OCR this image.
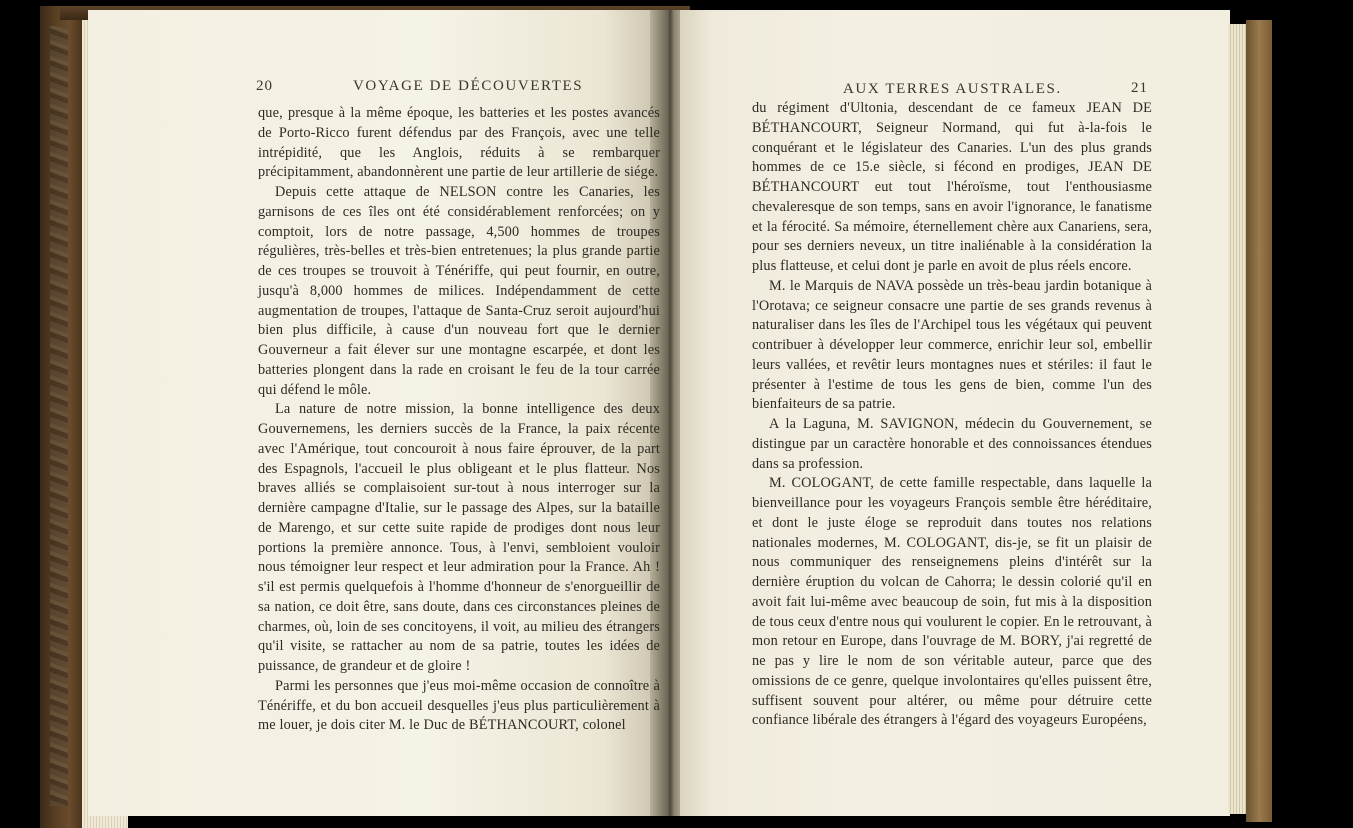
20	VOYAGE DE DÉCOUVERTES

que, presque à la même époque, les batteries et les postes avancés de Porto-Ricco furent défendus par des François, avec une telle intrépidité, que les Anglois, réduits à se rembarquer précipitamment, abandonnèrent une partie de leur artillerie de siége.

Depuis cette attaque de NELSON contre les Canaries, les garnisons de ces îles ont été considérablement renforcées; on y comptoit, lors de notre passage, 4,500 hommes de troupes régulières, très-belles et très-bien entretenues; la plus grande partie de ces troupes se trouvoit à Ténériffe, qui peut fournir, en outre, jusqu'à 8,000 hommes de milices. Indépendamment de cette augmentation de troupes, l'attaque de Santa-Cruz seroit aujourd'hui bien plus difficile, à cause d'un nouveau fort que le dernier Gouverneur a fait élever sur une montagne escarpée, et dont les batteries plongent dans la rade en croisant le feu de la tour carrée qui défend le môle.

La nature de notre mission, la bonne intelligence des deux Gouvernemens, les derniers succès de la France, la paix récente avec l'Amérique, tout concouroit à nous faire éprouver, de la part des Espagnols, l'accueil le plus obligeant et le plus flatteur. Nos braves alliés se complaisoient sur-tout à nous interroger sur la dernière campagne d'Italie, sur le passage des Alpes, sur la bataille de Marengo, et sur cette suite rapide de prodiges dont nous leur portions la première annonce. Tous, à l'envi, sembloient vouloir nous témoigner leur respect et leur admiration pour la France. Ah ! s'il est permis quelquefois à l'homme d'honneur de s'enorgueillir de sa nation, ce doit être, sans doute, dans ces circonstances pleines de charmes, où, loin de ses concitoyens, il voit, au milieu des étrangers qu'il visite, se rattacher au nom de sa patrie, toutes les idées de puissance, de grandeur et de gloire !

Parmi les personnes que j'eus moi-même occasion de connoître à Ténériffe, et du bon accueil desquelles j'eus plus particulièrement à me louer, je dois citer M. le Duc de BÉTHANCOURT, colonel

AUX TERRES AUSTRALES.	21

du régiment d'Ultonia, descendant de ce fameux JEAN DE BÉTHANCOURT, Seigneur Normand, qui fut à-la-fois le conquérant et le législateur des Canaries. L'un des plus grands hommes de ce 15.e siècle, si fécond en prodiges, JEAN DE BÉTHANCOURT eut tout l'héroïsme, tout l'enthousiasme chevaleresque de son temps, sans en avoir l'ignorance, le fanatisme et la férocité. Sa mémoire, éternellement chère aux Canariens, sera, pour ses derniers neveux, un titre inaliénable à la considération la plus flatteuse, et celui dont je parle en avoit de plus réels encore.

M. le Marquis de NAVA possède un très-beau jardin botanique à l'Orotava; ce seigneur consacre une partie de ses grands revenus à naturaliser dans les îles de l'Archipel tous les végétaux qui peuvent contribuer à développer leur commerce, enrichir leur sol, embellir leurs vallées, et revêtir leurs montagnes nues et stériles: il faut le présenter à l'estime de tous les gens de bien, comme l'un des bienfaiteurs de sa patrie.

A la Laguna, M. SAVIGNON, médecin du Gouvernement, se distingue par un caractère honorable et des connoissances étendues dans sa profession.

M. COLOGANT, de cette famille respectable, dans laquelle la bienveillance pour les voyageurs François semble être héréditaire, et dont le juste éloge se reproduit dans toutes nos relations nationales modernes, M. COLOGANT, dis-je, se fit un plaisir de nous communiquer des renseignemens pleins d'intérêt sur la dernière éruption du volcan de Cahorra; le dessin colorié qu'il en avoit fait lui-même avec beaucoup de soin, fut mis à la disposition de tous ceux d'entre nous qui voulurent le copier. En le retrouvant, à mon retour en Europe, dans l'ouvrage de M. BORY, j'ai regretté de ne pas y lire le nom de son véritable auteur, parce que des omissions de ce genre, quelque involontaires qu'elles puissent être, suffisent souvent pour altérer, ou même pour détruire cette confiance libérale des étrangers à l'égard des voyageurs Européens,
